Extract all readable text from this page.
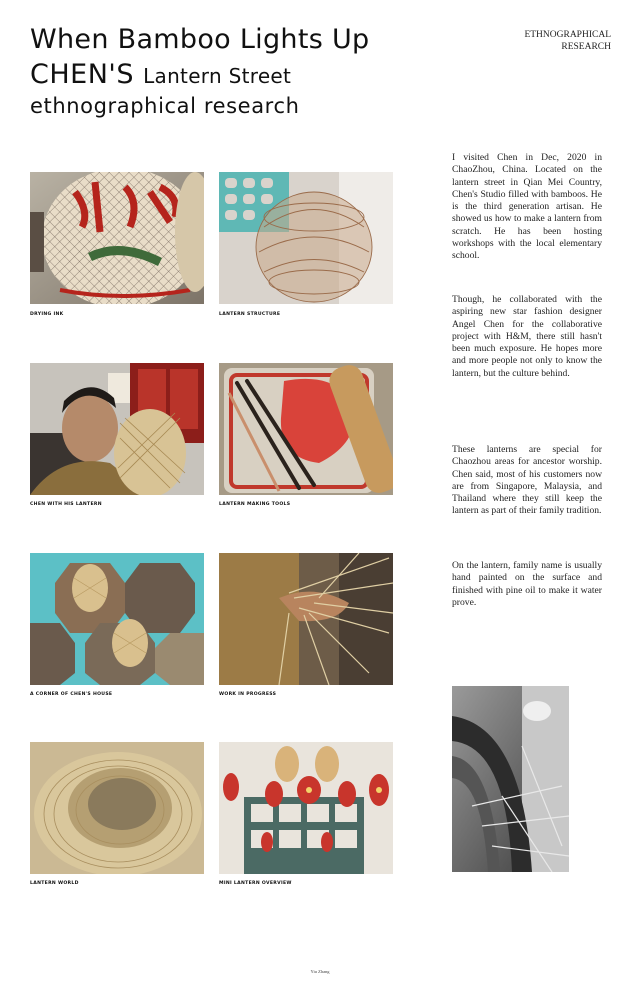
When Bamboo Lights Up
CHEN'S Lantern Street
ethnographical research
ETHNOGRAPHICAL
RESEARCH
DRYING INK	LANTERN STRUCTURE
CHEN WITH HIS LANTERN	LANTERN MAKING TOOLS
A CORNER OF CHEN'S HOUSE	WORK IN PROGRESS
LANTERN WORLD	MINI LANTERN OVERVIEW

I visited Chen in Dec, 2020 in ChaoZhou, China. Located on the lantern street in Qian Mei Country, Chen's Studio filled with bamboos. He is the third generation artisan. He showed us how to make a lantern from scratch. He has been hosting workshops with the local elementary school.

Though, he collaborated with the aspiring new star fashion designer Angel Chen for the collaborative project with H&M, there still hasn't been much exposure. He hopes more and more people not only to know the lantern, but the culture behind.

These lanterns are special for Chaozhou areas for ancestor worship. Chen said, most of his customers now are from Singapore, Malaysia, and Thailand where they still keep the lantern as part of their family tradition.

On the lantern, family name is usually hand painted on the surface and finished with pine oil to make it water prove.

Yiu Zhang
